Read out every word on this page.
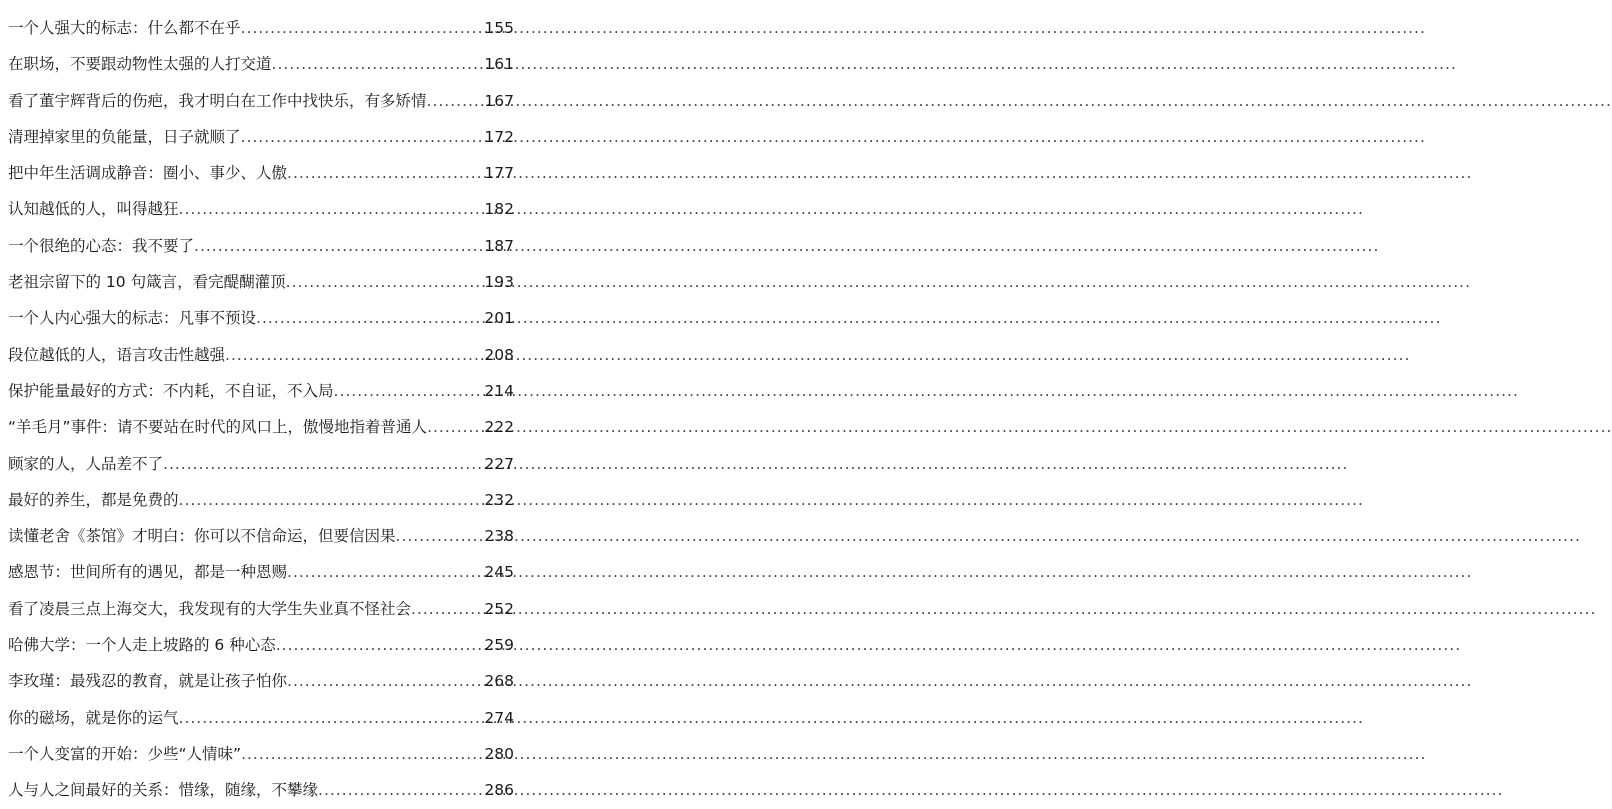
一个人强大的标志：什么都不在乎 .....	155
在职场，不要跟动物性太强的人打交道 .....	161
看了董宇辉背后的伤疤，我才明白在工作中找快乐，有多矫情 .....	167
清理掉家里的负能量，日子就顺了 .....	172
把中年生活调成静音：圈小、事少、人傲 .....	177
认知越低的人，叫得越狂 .....	182
一个很绝的心态：我不要了 .....	187
老祖宗留下的 10 句箴言，看完醍醐灌顶 .....	193
一个人内心强大的标志：凡事不预设 .....	201
段位越低的人，语言攻击性越强 .....	208
保护能量最好的方式：不内耗，不自证，不入局 .....	214
“羊毛月”事件：请不要站在时代的风口上，傲慢地指着普通人 .....	222
顾家的人，人品差不了 .....	227
最好的养生，都是免费的 .....	232
读懂老舍《茶馆》才明白：你可以不信命运，但要信因果 .....	238
感恩节：世间所有的遇见，都是一种恩赐 .....	245
看了凌晨三点上海交大，我发现有的大学生失业真不怪社会 .....	252
哈佛大学：一个人走上坡路的 6 种心态 .....	259
李玫瑾：最残忍的教育，就是让孩子怕你 .....	268
你的磁场，就是你的运气 .....	274
一个人变富的开始：少些“人情味” .....	280
人与人之间最好的关系：惜缘，随缘，不攀缘 .....	286
